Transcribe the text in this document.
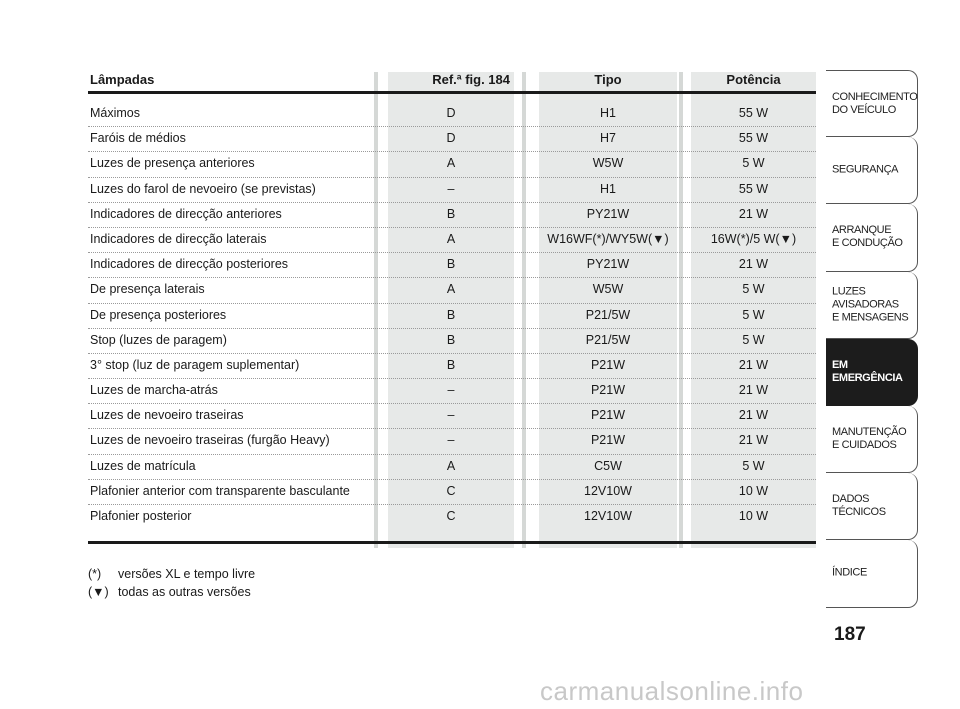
Lâmpadas	Ref.ª fig. 184	Tipo	Potência
Máximos	D	H1	55 W
Faróis de médios	D	H7	55 W
Luzes de presença anteriores	A	W5W	5 W
Luzes do farol de nevoeiro (se previstas)	–	H1	55 W
Indicadores de direcção anteriores	B	PY21W	21 W
Indicadores de direcção laterais	A	W16WF(*)/WY5W(▼)	16W(*)/5 W(▼)
Indicadores de direcção posteriores	B	PY21W	21 W
De presença laterais	A	W5W	5 W
De presença posteriores	B	P21/5W	5 W
Stop (luzes de paragem)	B	P21/5W	5 W
3° stop (luz de paragem suplementar)	B	P21W	21 W
Luzes de marcha-atrás	–	P21W	21 W
Luzes de nevoeiro traseiras	–	P21W	21 W
Luzes de nevoeiro traseiras (furgão Heavy)	–	P21W	21 W
Luzes de matrícula	A	C5W	5 W
Plafonier anterior com transparente basculante	C	12V10W	10 W
Plafonier posterior	C	12V10W	10 W
(*)	versões XL e tempo livre
(▼) todas as outras versões
CONHECIMENTO
DO VEÍCULO
SEGURANÇA
ARRANQUE
E CONDUÇÃO
LUZES
AVISADORAS
E MENSAGENS
EM EMERGÊNCIA
MANUTENÇÃO
E CUIDADOS
DADOS
TÉCNICOS
ÍNDICE
187
carmanualsonline.info
